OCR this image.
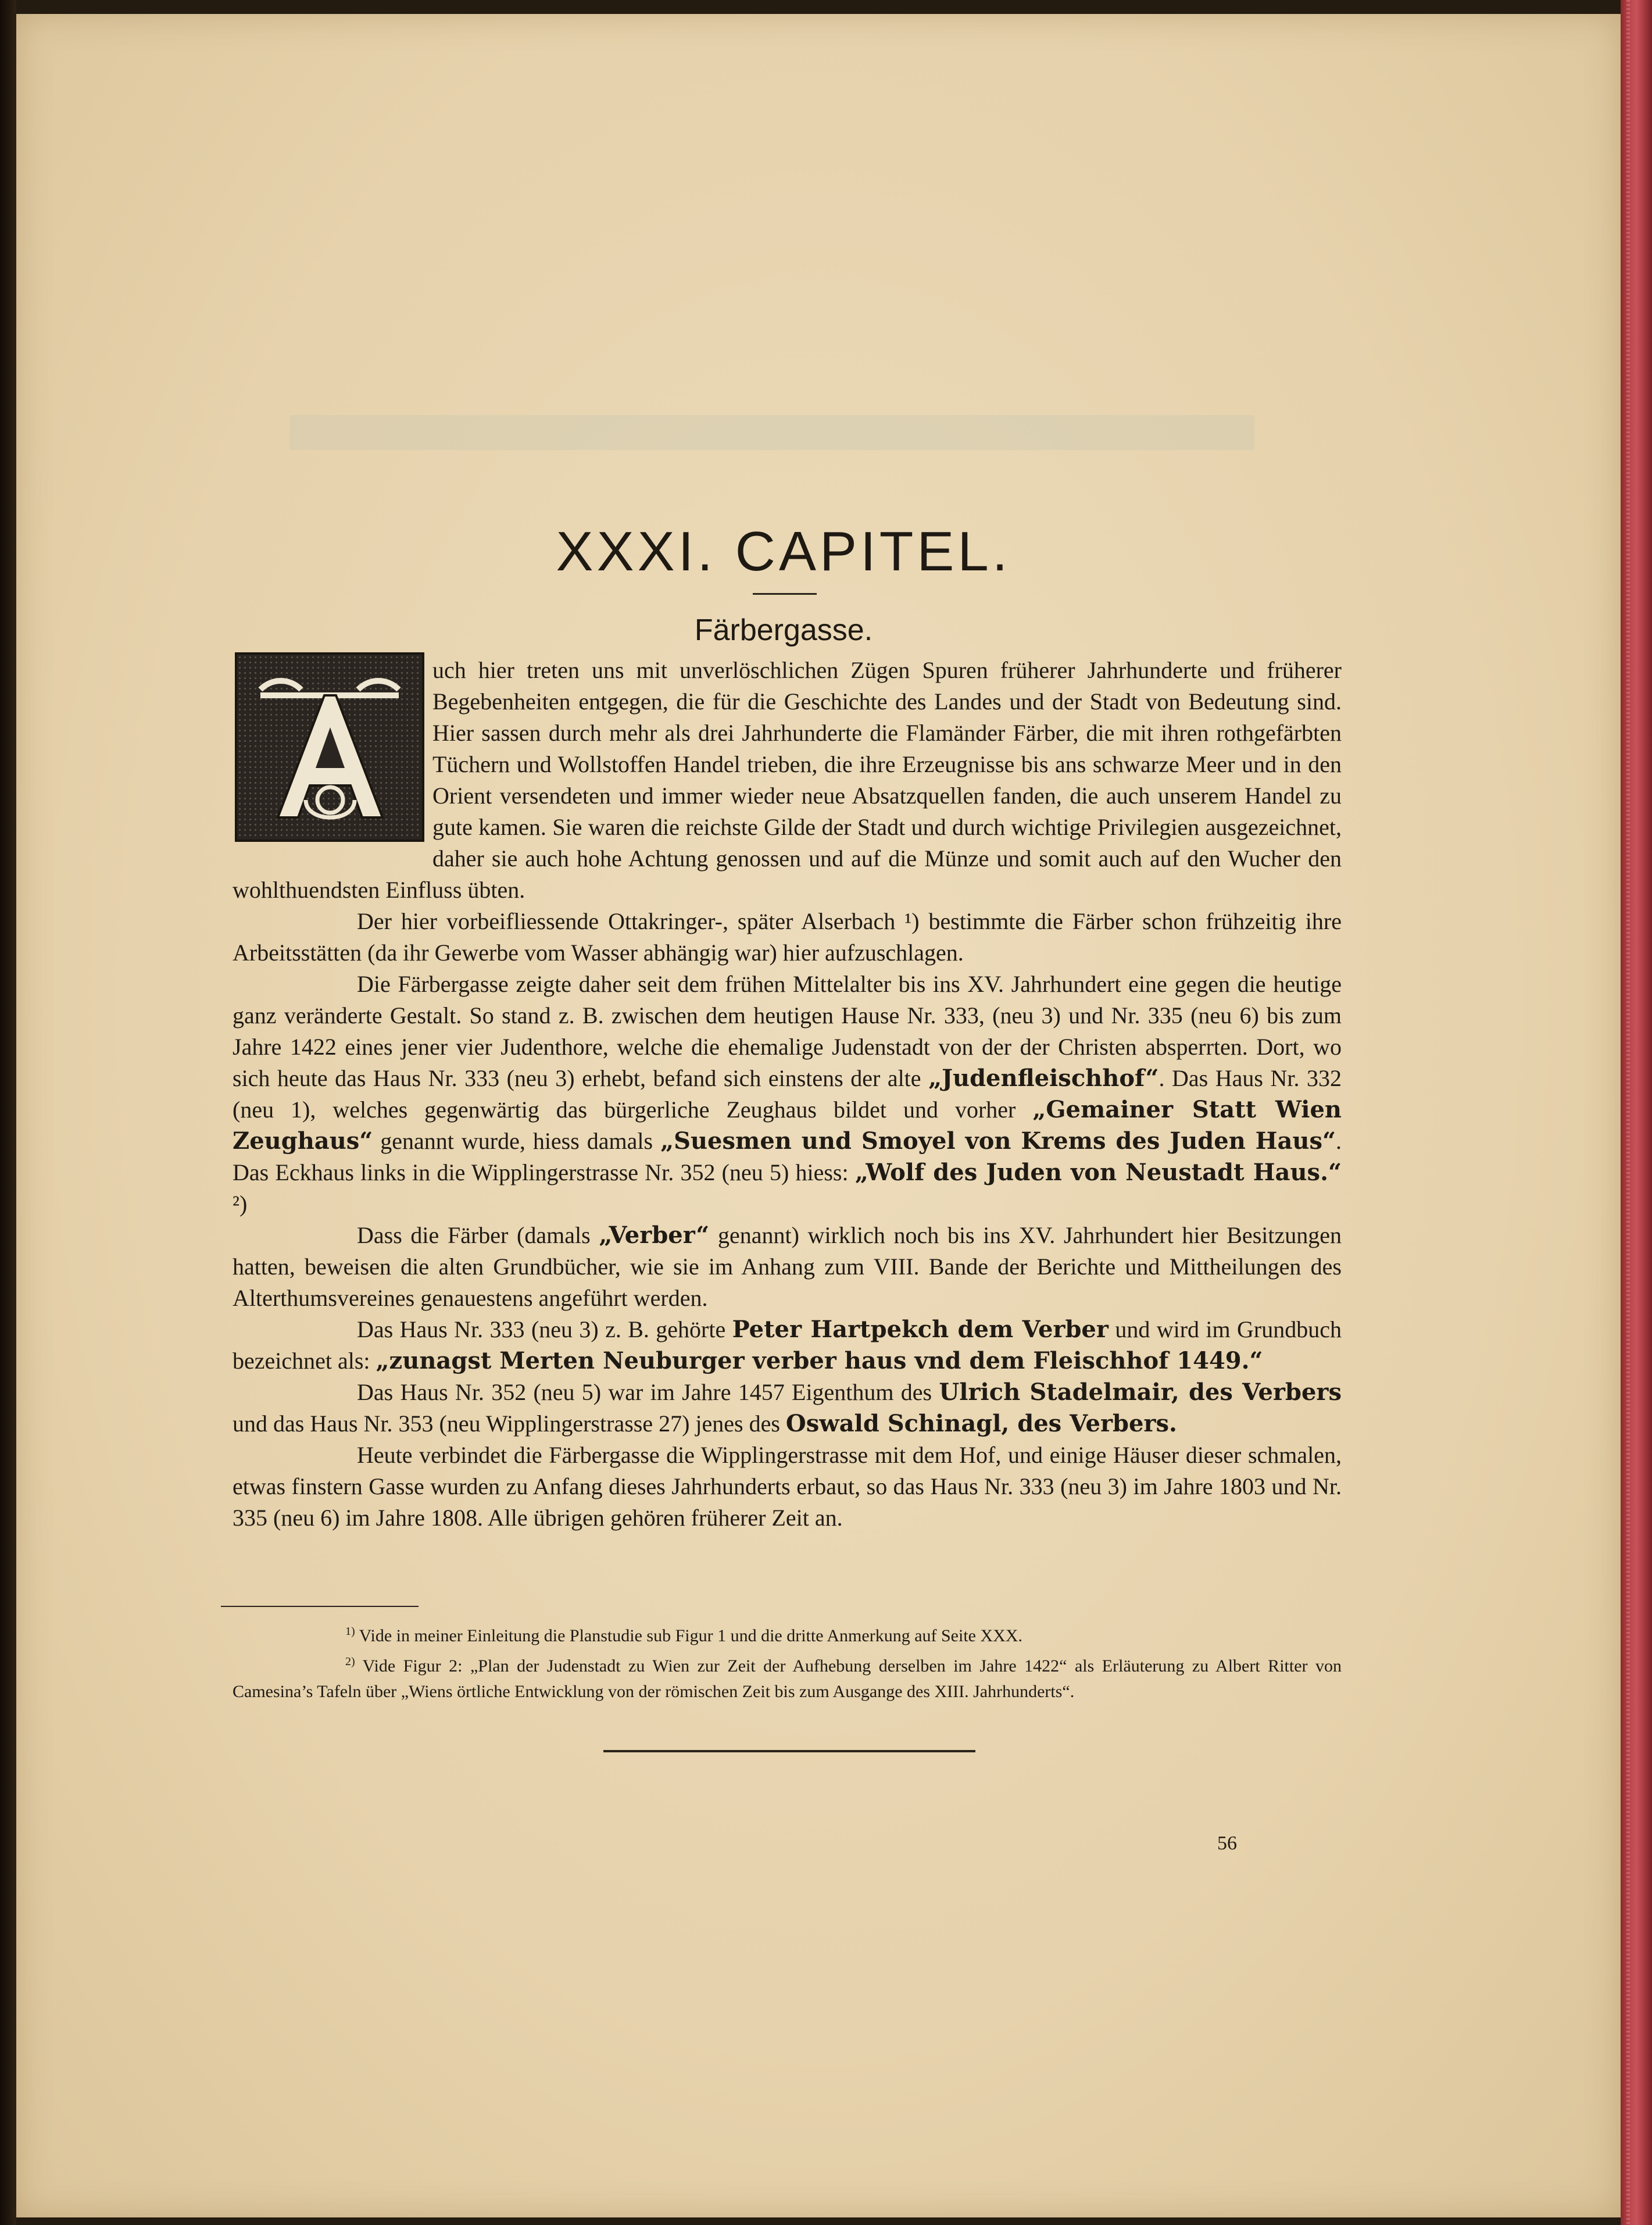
XXXI. CAPITEL.
Färbergasse.

uch hier treten uns mit unverlöschlichen Zügen Spuren früherer Jahrhunderte und früherer Begebenheiten entgegen, die für die Geschichte des Landes und der Stadt von Bedeutung sind. Hier sassen durch mehr als drei Jahrhunderte die Flamänder Färber, die mit ihren rothgefärbten Tüchern und Wollstoffen Handel trieben, die ihre Erzeugnisse bis ans schwarze Meer und in den Orient versendeten und immer wieder neue Absatzquellen fanden, die auch unserem Handel zu gute kamen. Sie waren die reichste Gilde der Stadt und durch wichtige Privilegien ausgezeichnet, daher sie auch hohe Achtung genossen und auf die Münze und somit auch auf den Wucher den wohlthuendsten Einfluss übten.

Der hier vorbeifliessende Ottakringer-, später Alserbach ¹) bestimmte die Färber schon frühzeitig ihre Arbeitsstätten (da ihr Gewerbe vom Wasser abhängig war) hier aufzuschlagen.

Die Färbergasse zeigte daher seit dem frühen Mittelalter bis ins XV. Jahrhundert eine gegen die heutige ganz veränderte Gestalt. So stand z. B. zwischen dem heutigen Hause Nr. 333, (neu 3) und Nr. 335 (neu 6) bis zum Jahre 1422 eines jener vier Judenthore, welche die ehemalige Judenstadt von der der Christen absperrten. Dort, wo sich heute das Haus Nr. 333 (neu 3) erhebt, befand sich einstens der alte „Judenfleischhof“. Das Haus Nr. 332 (neu 1), welches gegenwärtig das bürgerliche Zeughaus bildet und vorher „Gemainer Statt Wien Zeughaus“ genannt wurde, hiess damals „Suesmen und Smoyel von Krems des Juden Haus“. Das Eckhaus links in die Wipplingerstrasse Nr. 352 (neu 5) hiess: „Wolf des Juden von Neustadt Haus.“ ²)

Dass die Färber (damals „Verber“ genannt) wirklich noch bis ins XV. Jahrhundert hier Besitzungen hatten, beweisen die alten Grundbücher, wie sie im Anhang zum VIII. Bande der Berichte und Mittheilungen des Alterthumsvereines genauestens angeführt werden.

Das Haus Nr. 333 (neu 3) z. B. gehörte Peter Hartpekch dem Verber und wird im Grundbuch bezeichnet als: „zunagst Merten Neuburger verber haus vnd dem Fleischhof 1449.“

Das Haus Nr. 352 (neu 5) war im Jahre 1457 Eigenthum des Ulrich Stadelmair, des Verbers und das Haus Nr. 353 (neu Wipplingerstrasse 27) jenes des Oswald Schinagl, des Verbers.

Heute verbindet die Färbergasse die Wipplingerstrasse mit dem Hof, und einige Häuser dieser schmalen, etwas finstern Gasse wurden zu Anfang dieses Jahrhunderts erbaut, so das Haus Nr. 333 (neu 3) im Jahre 1803 und Nr. 335 (neu 6) im Jahre 1808. Alle übrigen gehören früherer Zeit an.

$^{1)}$ Vide in meiner Einleitung die Planstudie sub Figur 1 und die dritte Anmerkung auf Seite XXX.

$^{2)}$ Vide Figur 2: „Plan der Judenstadt zu Wien zur Zeit der Aufhebung derselben im Jahre 1422“ als Erläuterung zu Albert Ritter von Camesina’s Tafeln über „Wiens örtliche Entwicklung von der römischen Zeit bis zum Ausgange des XIII. Jahrhunderts“.

56
